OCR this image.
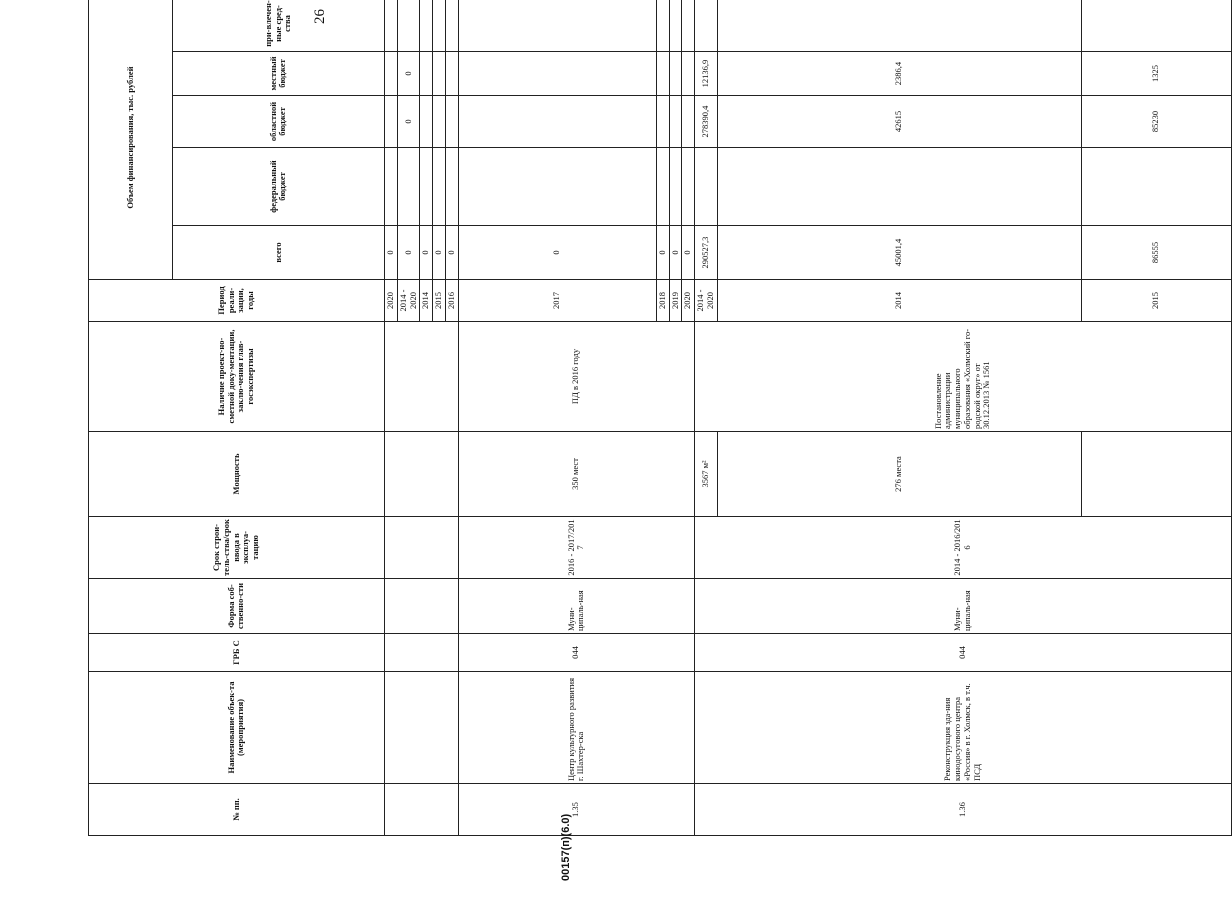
26
№ пп.	Наименование объек-та (мероприятия)	ГРБ С	Форма соб-ственно-сти	Срок строи-тель-ства/срок ввода в эксплуа-тацию	Мощность	Наличие проект-но-сметной доку-ментации, заклю-чения глав-госэкспертизы	Период реали-зации, годы	Объем финансирования, тыс. рублей	
								всего	федеральный бюджет	областной бюджет	местный бюджет	при-влечен-ные сред-ства	
							2020	0					
							2014 - 2020	0		0	0		
							2014	0					
							2015	0					
							2016	0					
1.35	Центр культурного развития г. Шахтер-ска	044	Муни-ципаль-ная	2016 - 2017/201 7	350 мест	ПД в 2016 году	2017	0					
							2018	0					
							2019	0					
							2020	0					
1.36	Реконструкция зда-ния кинодосугового центра «Россия» в г. Холмск, в т.ч. ПСД	044	Муни-ципаль-ная	2014 - 2016/201 6	3567 м²	Постановление администрации муниципального образования «Холмский го-родской округ» от 30.12.2013 № 1561	2014 - 2020	290527,3		278390,4	12136,9		
					276 места		2014	45001,4		42615	2386,4		
							2015	86555		85230	1325		
00157(п)(6.0)
